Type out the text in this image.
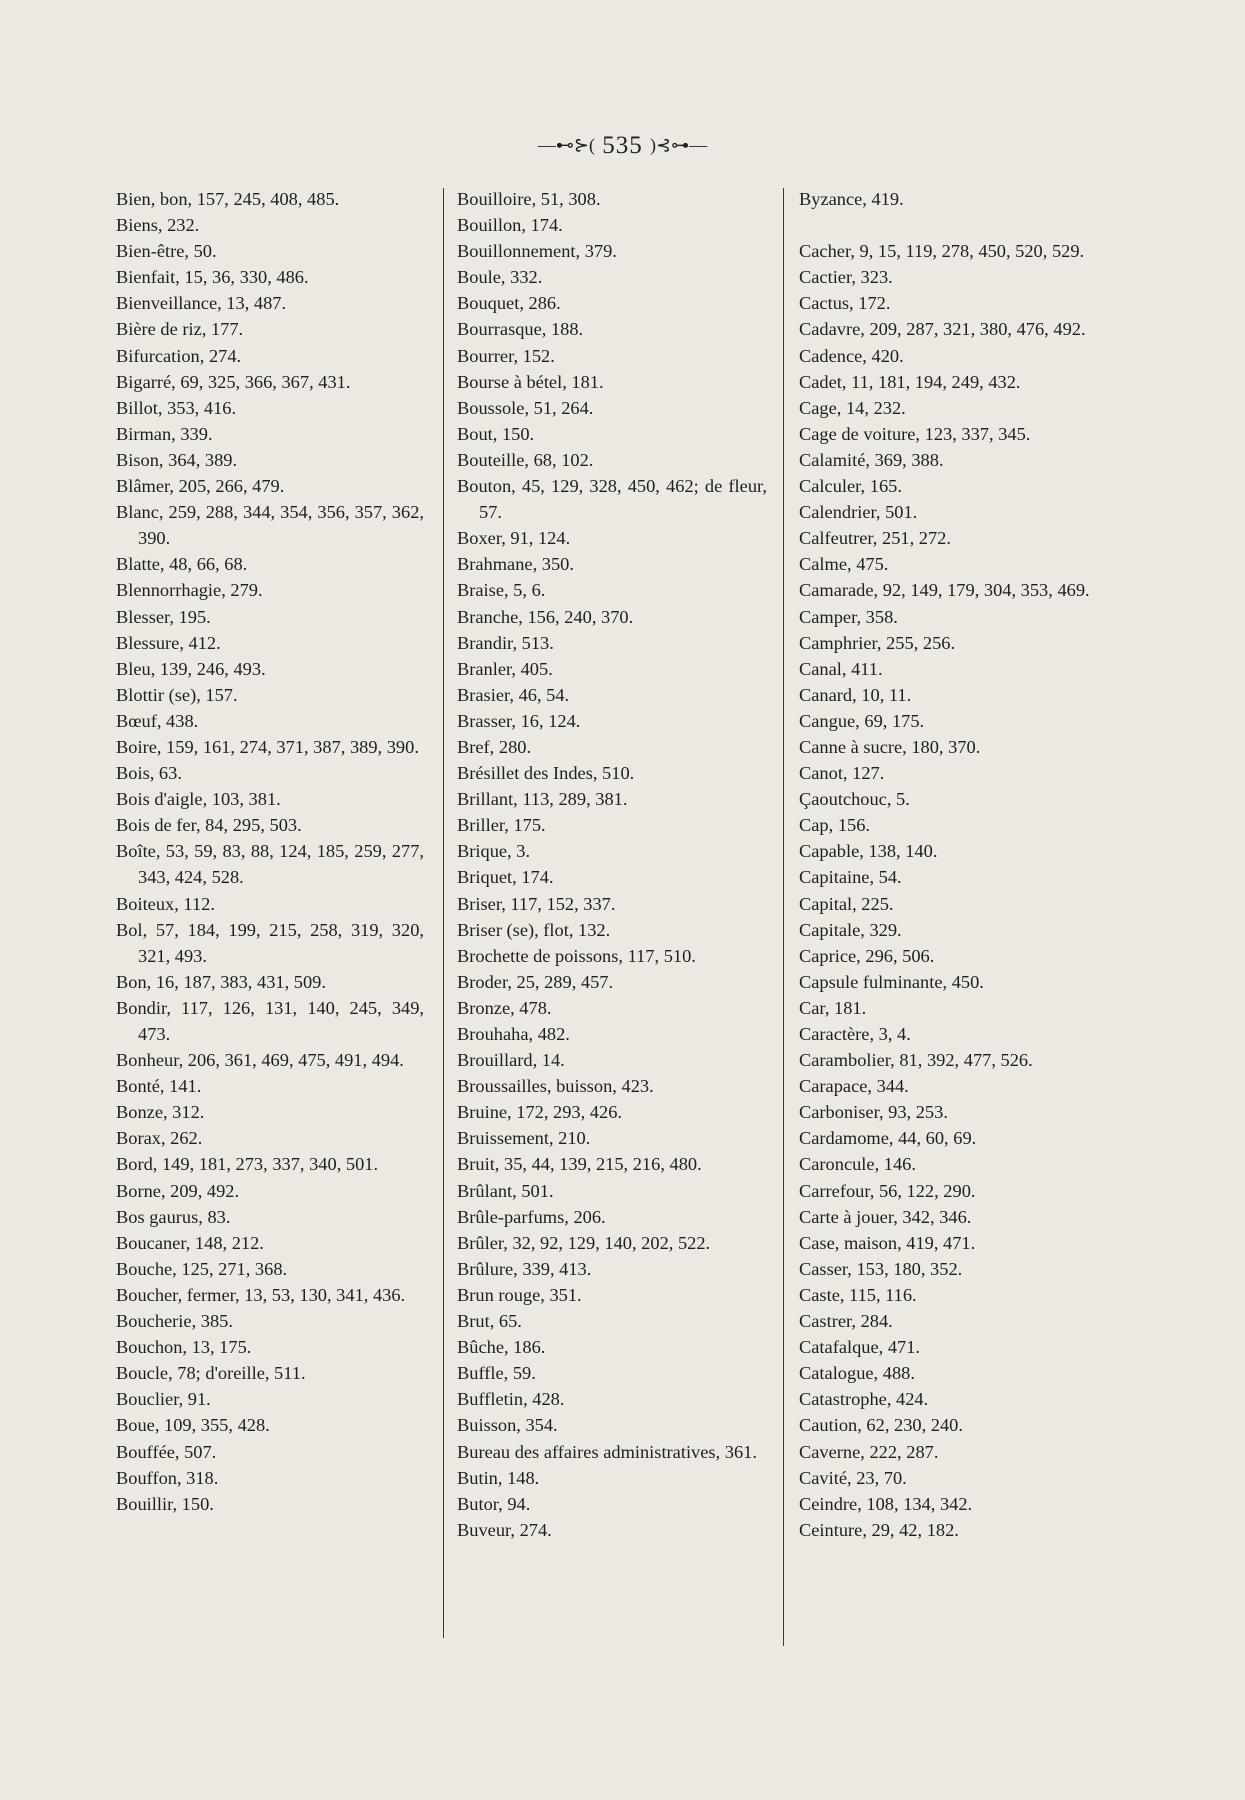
—⊷⊱( 535 )⊰⊶—
Bien, bon, 157, 245, 408, 485.
Biens, 232.
Bien-être, 50.
Bienfait, 15, 36, 330, 486.
Bienveillance, 13, 487.
Bière de riz, 177.
Bifurcation, 274.
Bigarré, 69, 325, 366, 367, 431.
Billot, 353, 416.
Birman, 339.
Bison, 364, 389.
Blâmer, 205, 266, 479.
Blanc, 259, 288, 344, 354, 356, 357, 362, 390.
Blatte, 48, 66, 68.
Blennorrhagie, 279.
Blesser, 195.
Blessure, 412.
Bleu, 139, 246, 493.
Blottir (se), 157.
Bœuf, 438.
Boire, 159, 161, 274, 371, 387, 389, 390.
Bois, 63.
Bois d'aigle, 103, 381.
Bois de fer, 84, 295, 503.
Boîte, 53, 59, 83, 88, 124, 185, 259, 277, 343, 424, 528.
Boiteux, 112.
Bol, 57, 184, 199, 215, 258, 319, 320, 321, 493.
Bon, 16, 187, 383, 431, 509.
Bondir, 117, 126, 131, 140, 245, 349, 473.
Bonheur, 206, 361, 469, 475, 491, 494.
Bonté, 141.
Bonze, 312.
Borax, 262.
Bord, 149, 181, 273, 337, 340, 501.
Borne, 209, 492.
Bos gaurus, 83.
Boucaner, 148, 212.
Bouche, 125, 271, 368.
Boucher, fermer, 13, 53, 130, 341, 436.
Boucherie, 385.
Bouchon, 13, 175.
Boucle, 78; d'oreille, 511.
Bouclier, 91.
Boue, 109, 355, 428.
Bouffée, 507.
Bouffon, 318.
Bouillir, 150.
Bouilloire, 51, 308.
Bouillon, 174.
Bouillonnement, 379.
Boule, 332.
Bouquet, 286.
Bourrasque, 188.
Bourrer, 152.
Bourse à bétel, 181.
Boussole, 51, 264.
Bout, 150.
Bouteille, 68, 102.
Bouton, 45, 129, 328, 450, 462; de fleur, 57.
Boxer, 91, 124.
Brahmane, 350.
Braise, 5, 6.
Branche, 156, 240, 370.
Brandir, 513.
Branler, 405.
Brasier, 46, 54.
Brasser, 16, 124.
Bref, 280.
Brésillet des Indes, 510.
Brillant, 113, 289, 381.
Briller, 175.
Brique, 3.
Briquet, 174.
Briser, 117, 152, 337.
Briser (se), flot, 132.
Brochette de poissons, 117, 510.
Broder, 25, 289, 457.
Bronze, 478.
Brouhaha, 482.
Brouillard, 14.
Broussailles, buisson, 423.
Bruine, 172, 293, 426.
Bruissement, 210.
Bruit, 35, 44, 139, 215, 216, 480.
Brûlant, 501.
Brûle-parfums, 206.
Brûler, 32, 92, 129, 140, 202, 522.
Brûlure, 339, 413.
Brun rouge, 351.
Brut, 65.
Bûche, 186.
Buffle, 59.
Buffletin, 428.
Buisson, 354.
Bureau des affaires administratives, 361.
Butin, 148.
Butor, 94.
Buveur, 274.
Byzance, 419.
Cacher, 9, 15, 119, 278, 450, 520, 529.
Cactier, 323.
Cactus, 172.
Cadavre, 209, 287, 321, 380, 476, 492.
Cadence, 420.
Cadet, 11, 181, 194, 249, 432.
Cage, 14, 232.
Cage de voiture, 123, 337, 345.
Calamité, 369, 388.
Calculer, 165.
Calendrier, 501.
Calfeutrer, 251, 272.
Calme, 475.
Camarade, 92, 149, 179, 304, 353, 469.
Camper, 358.
Camphrier, 255, 256.
Canal, 411.
Canard, 10, 11.
Cangue, 69, 175.
Canne à sucre, 180, 370.
Canot, 127.
Çaoutchouc, 5.
Cap, 156.
Capable, 138, 140.
Capitaine, 54.
Capital, 225.
Capitale, 329.
Caprice, 296, 506.
Capsule fulminante, 450.
Car, 181.
Caractère, 3, 4.
Carambolier, 81, 392, 477, 526.
Carapace, 344.
Carboniser, 93, 253.
Cardamome, 44, 60, 69.
Caroncule, 146.
Carrefour, 56, 122, 290.
Carte à jouer, 342, 346.
Case, maison, 419, 471.
Casser, 153, 180, 352.
Caste, 115, 116.
Castrer, 284.
Catafalque, 471.
Catalogue, 488.
Catastrophe, 424.
Caution, 62, 230, 240.
Caverne, 222, 287.
Cavité, 23, 70.
Ceindre, 108, 134, 342.
Ceinture, 29, 42, 182.
